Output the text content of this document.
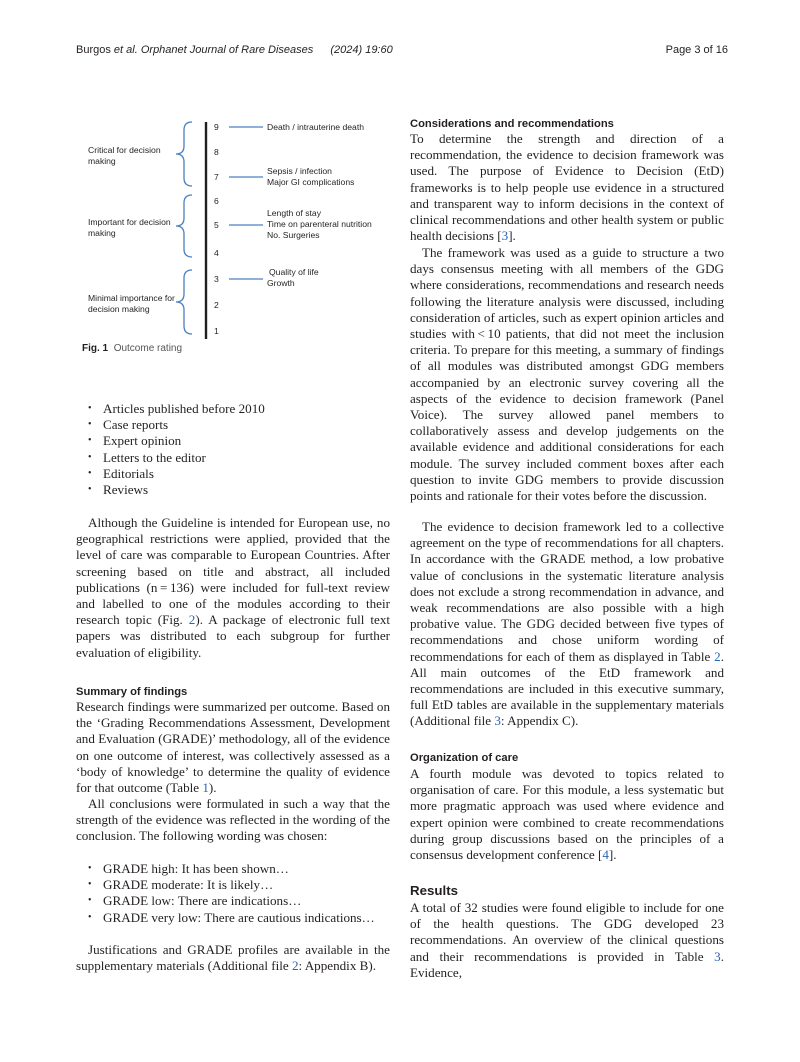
Burgos et al. Orphanet Journal of Rare Diseases (2024) 19:60	Page 3 of 16
Critical for decision making
Important for decision making
Minimal importance for decision making
9
8
7
6
5
4
3
2
1
Death / intrauterine death
Sepsis / infection
Major GI complications
Length of stay
Time on parenteral nutrition
No. Surgeries
Quality of life
Growth
Fig. 1 Outcome rating
• Articles published before 2010
• Case reports
• Expert opinion
• Letters to the editor
• Editorials
• Reviews

Although the Guideline is intended for European use, no geographical restrictions were applied, provided that the level of care was comparable to European Countries. After screening based on title and abstract, all included publications (n = 136) were included for full-text review and labelled to one of the modules according to their research topic (Fig. 2). A package of electronic full text papers was distributed to each subgroup for further evaluation of eligibility.

Summary of findings

Research findings were summarized per outcome. Based on the ‘Grading Recommendations Assessment, Development and Evaluation (GRADE)’ methodology, all of the evidence on one outcome of interest, was collectively assessed as a ‘body of knowledge’ to determine the quality of evidence for that outcome (Table 1).

All conclusions were formulated in such a way that the strength of the evidence was reflected in the wording of the conclusion. The following wording was chosen:

• GRADE high: It has been shown…
• GRADE moderate: It is likely…
• GRADE low: There are indications…
• GRADE very low: There are cautious indications…

Justifications and GRADE profiles are available in the supplementary materials (Additional file 2: Appendix B).

Considerations and recommendations

To determine the strength and direction of a recommendation, the evidence to decision framework was used. The purpose of Evidence to Decision (EtD) frameworks is to help people use evidence in a structured and transparent way to inform decisions in the context of clinical recommendations and other health system or public health decisions [3].

The framework was used as a guide to structure a two days consensus meeting with all members of the GDG where considerations, recommendations and research needs following the literature analysis were discussed, including consideration of articles, such as expert opinion articles and studies with < 10 patients, that did not meet the inclusion criteria. To prepare for this meeting, a summary of findings of all modules was distributed amongst GDG members accompanied by an electronic survey covering all the aspects of the evidence to decision framework (Panel Voice). The survey allowed panel members to collaboratively assess and develop judgements on the available evidence and additional considerations for each module. The survey included comment boxes after each question to invite GDG members to provide discussion points and rationale for their votes before the discussion.

The evidence to decision framework led to a collective agreement on the type of recommendations for all chapters. In accordance with the GRADE method, a low probative value of conclusions in the systematic literature analysis does not exclude a strong recommendation in advance, and weak recommendations are also possible with a high probative value. The GDG decided between five types of recommendations and chose uniform wording of recommendations for each of them as displayed in Table 2. All main outcomes of the EtD framework and recommendations are included in this executive summary, full EtD tables are available in the supplementary materials (Additional file 3: Appendix C).

Organization of care

A fourth module was devoted to topics related to organisation of care. For this module, a less systematic but more pragmatic approach was used where evidence and expert opinion were combined to create recommendations during group discussions based on the principles of a consensus development conference [4].

Results

A total of 32 studies were found eligible to include for one of the health questions. The GDG developed 23 recommendations. An overview of the clinical questions and their recommendations is provided in Table 3. Evidence,
